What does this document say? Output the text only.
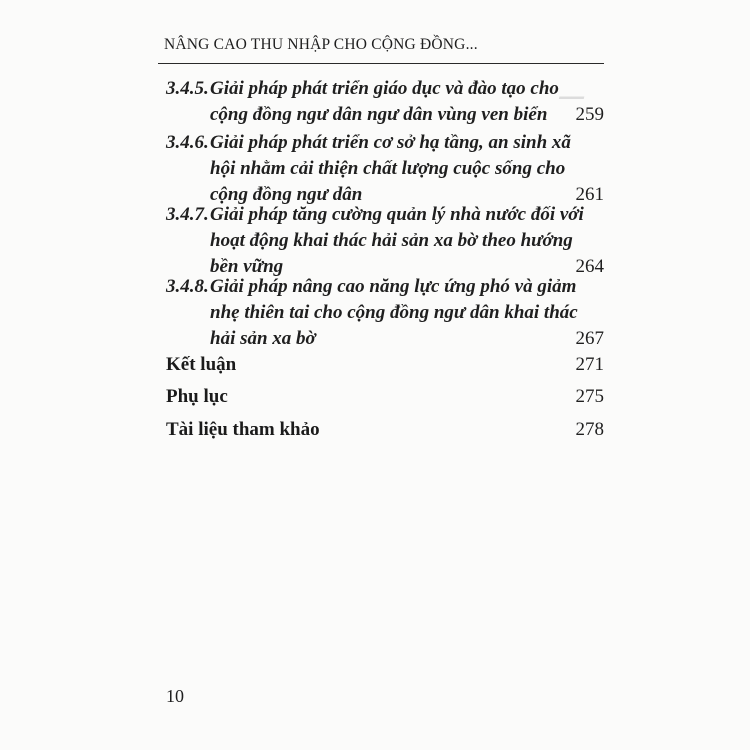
▁▁
NÂNG CAO THU NHẬP CHO CỘNG ĐỒNG...
3.4.5. Giải pháp phát triển giáo dục và đào tạo cho
cộng đồng ngư dân ngư dân vùng ven biển 259
3.4.6. Giải pháp phát triển cơ sở hạ tầng, an sinh xã
hội nhằm cải thiện chất lượng cuộc sống cho
cộng đồng ngư dân	261
3.4.7. Giải pháp tăng cường quản lý nhà nước đối với
hoạt động khai thác hải sản xa bờ theo hướng
bền vững	264
3.4.8. Giải pháp nâng cao năng lực ứng phó và giảm
nhẹ thiên tai cho cộng đồng ngư dân khai thác
hải sản xa bờ	267
Kết luận	271
Phụ lục	275
Tài liệu tham khảo	278
10
